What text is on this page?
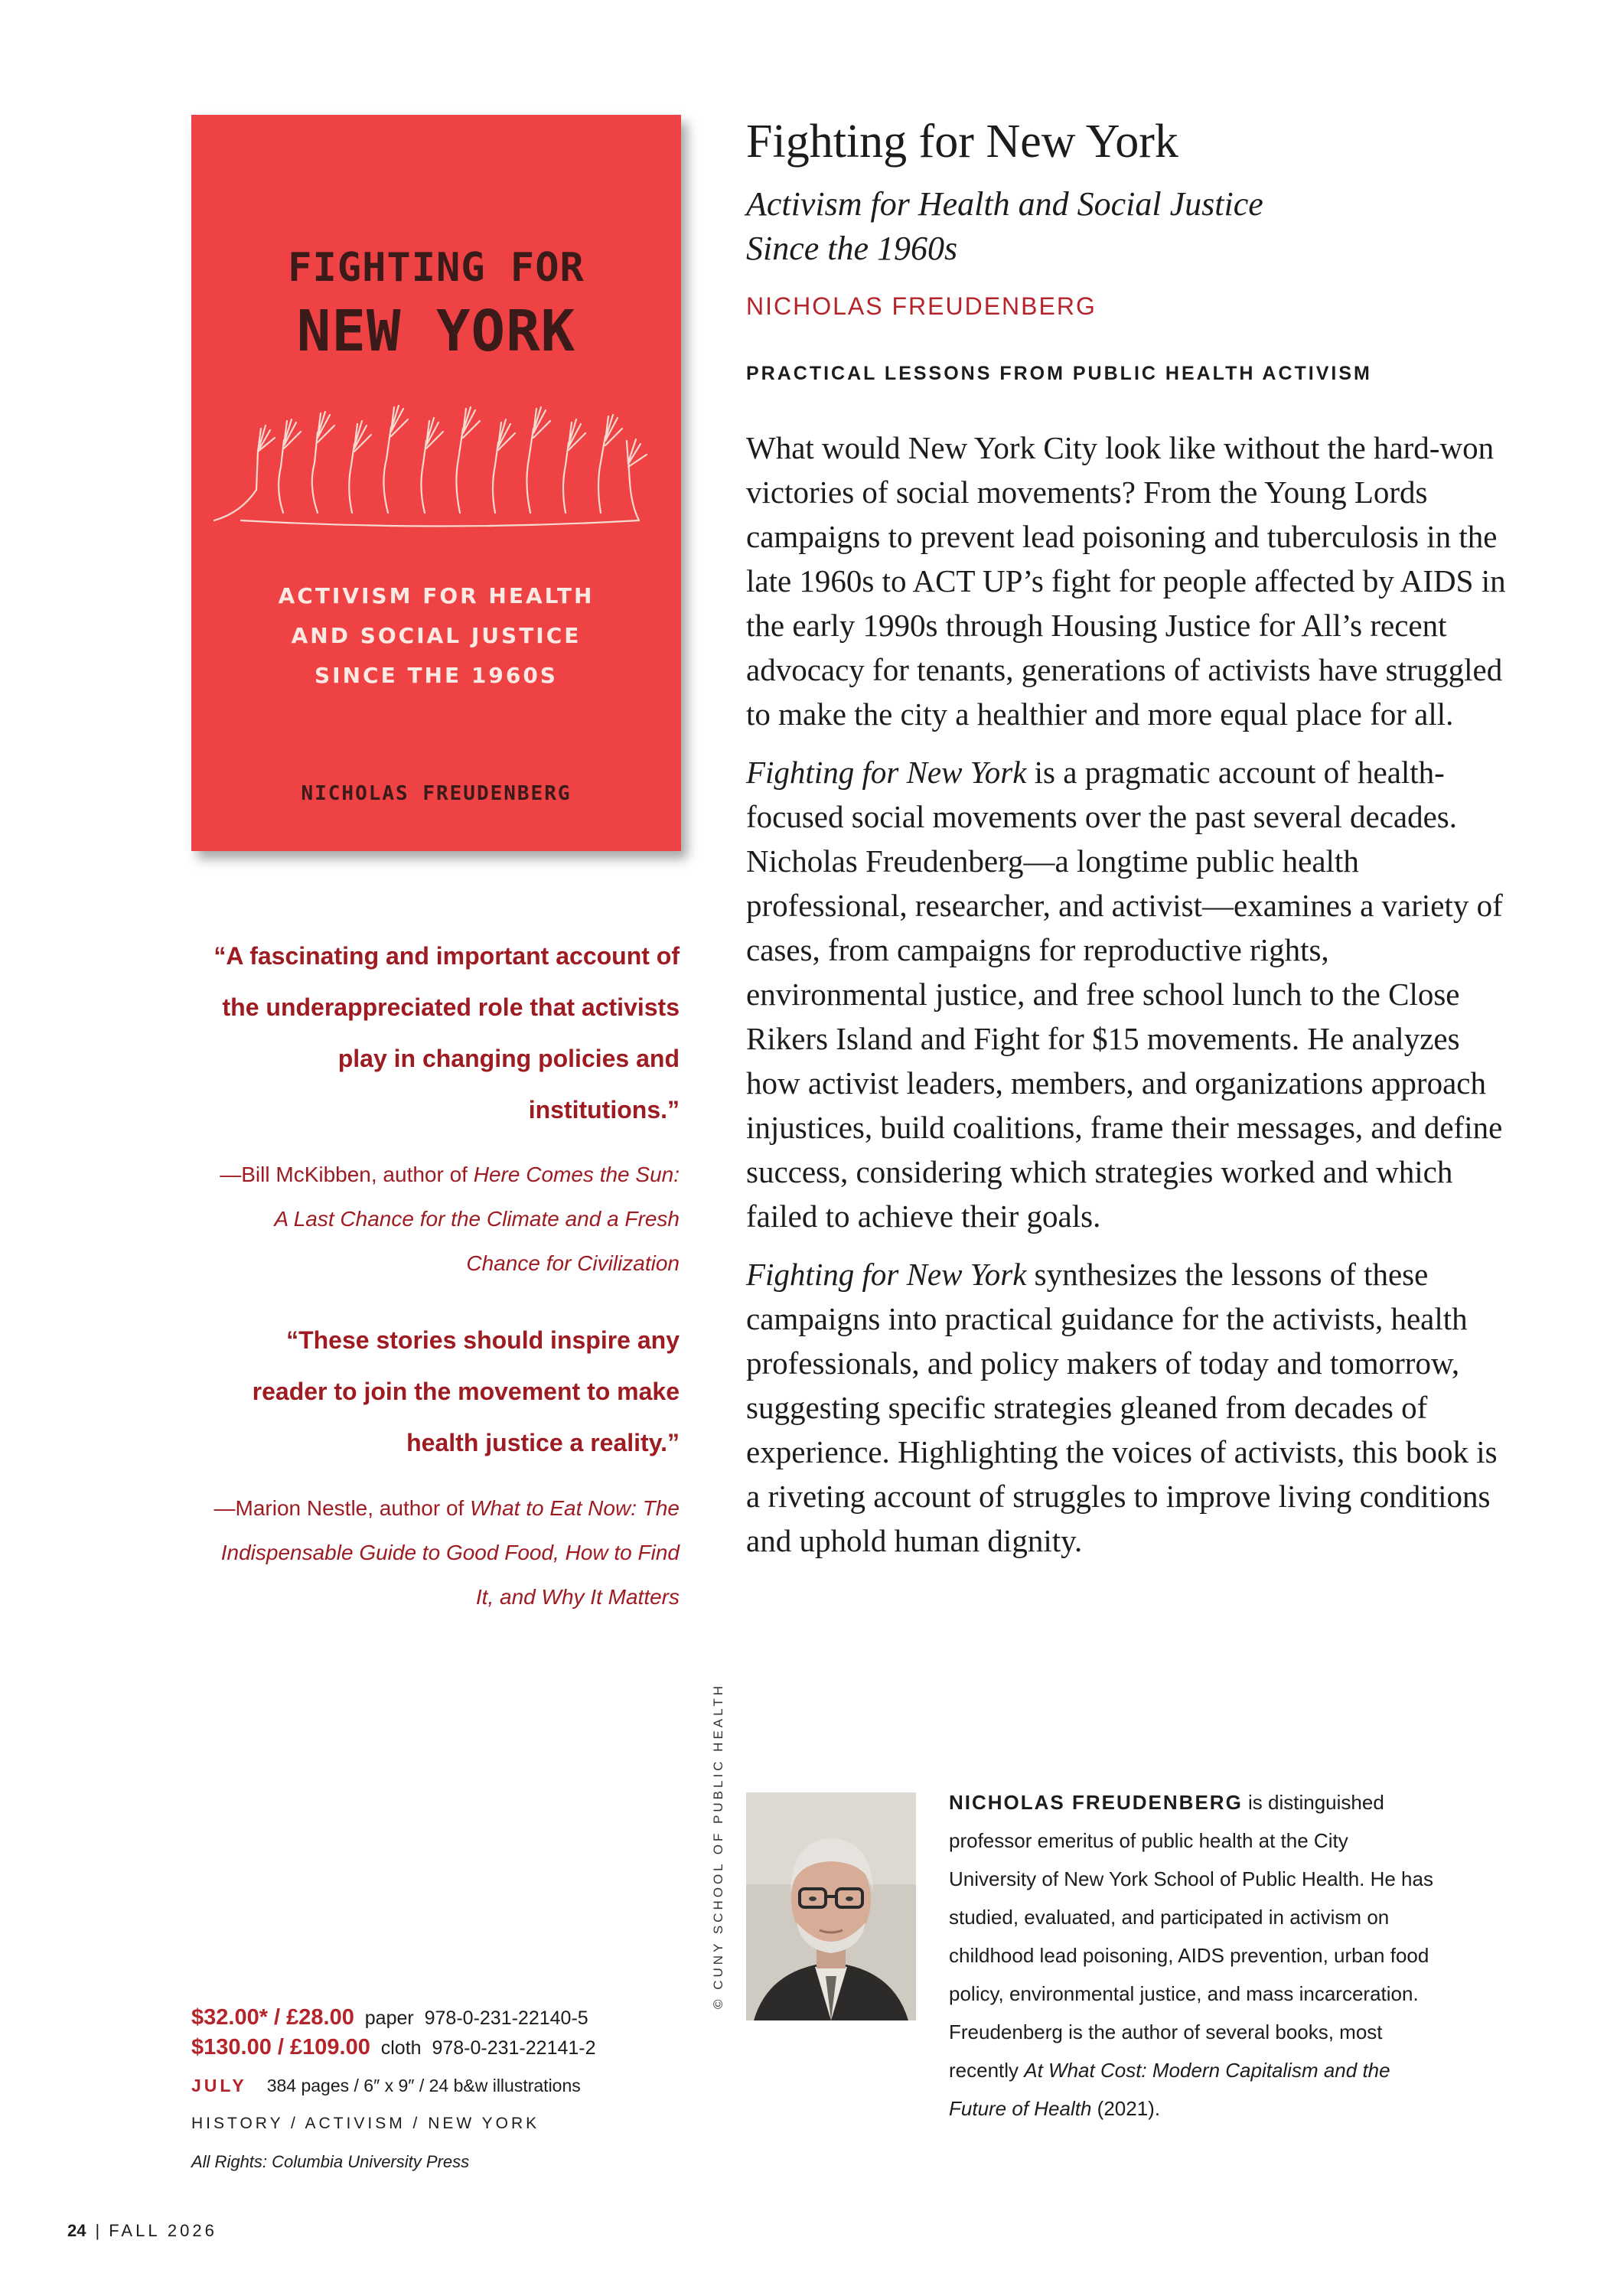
FIGHTING FOR
NEW YORK
ACTIVISM FOR HEALTH
AND SOCIAL JUSTICE
SINCE THE 1960S
NICHOLAS FREUDENBERG
“A fascinating and important account of the underappreciated role that activists play in changing policies and institutions.”
—Bill McKibben, author of Here Comes the Sun: A Last Chance for the Climate and a Fresh Chance for Civilization
“These stories should inspire any reader to join the movement to make health justice a reality.”
—Marion Nestle, author of What to Eat Now: The Indispensable Guide to Good Food, How to Find It, and Why It Matters
Fighting for New York
Activism for Health and Social Justice
Since the 1960s
NICHOLAS FREUDENBERG
PRACTICAL LESSONS FROM PUBLIC HEALTH ACTIVISM

What would New York City look like without the hard-won victories of social movements? From the Young Lords campaigns to prevent lead poisoning and tuberculosis in the late 1960s to ACT UP’s fight for people affected by AIDS in the early 1990s through Housing Justice for All’s recent advocacy for tenants, generations of activists have struggled to make the city a healthier and more equal place for all.

Fighting for New York is a pragmatic account of health-focused social movements over the past several decades. Nicholas Freudenberg—a longtime public health professional, researcher, and activist—examines a variety of cases, from campaigns for reproductive rights, environmental justice, and free school lunch to the Close Rikers Island and Fight for $15 movements. He analyzes how activist leaders, members, and organizations approach injustices, build coalitions, frame their messages, and define success, considering which strategies worked and which failed to achieve their goals.

Fighting for New York synthesizes the lessons of these campaigns into practical guidance for the activists, health professionals, and policy makers of today and tomorrow, suggesting specific strategies gleaned from decades of experience. Highlighting the voices of activists, this book is a riveting account of struggles to improve living conditions and uphold human dignity.

© CUNY SCHOOL OF PUBLIC HEALTH	NICHOLAS FREUDENBERG is distinguished professor emeritus of public health at the City University of New York School of Public Health. He has studied, evaluated, and participated in activism on childhood lead poisoning, AIDS prevention, urban food policy, environmental justice, and mass incarceration. Freudenberg is the author of several books, most recently At What Cost: Modern Capitalism and the Future of Health (2021).
$32.00* / £28.00 paper 978-0-231-22140-5
$130.00 / £109.00 cloth 978-0-231-22141-2
JULY 384 pages / 6″ x 9″ / 24 b&w illustrations
HISTORY / ACTIVISM / NEW YORK
All Rights: Columbia University Press
24 | FALL 2026
